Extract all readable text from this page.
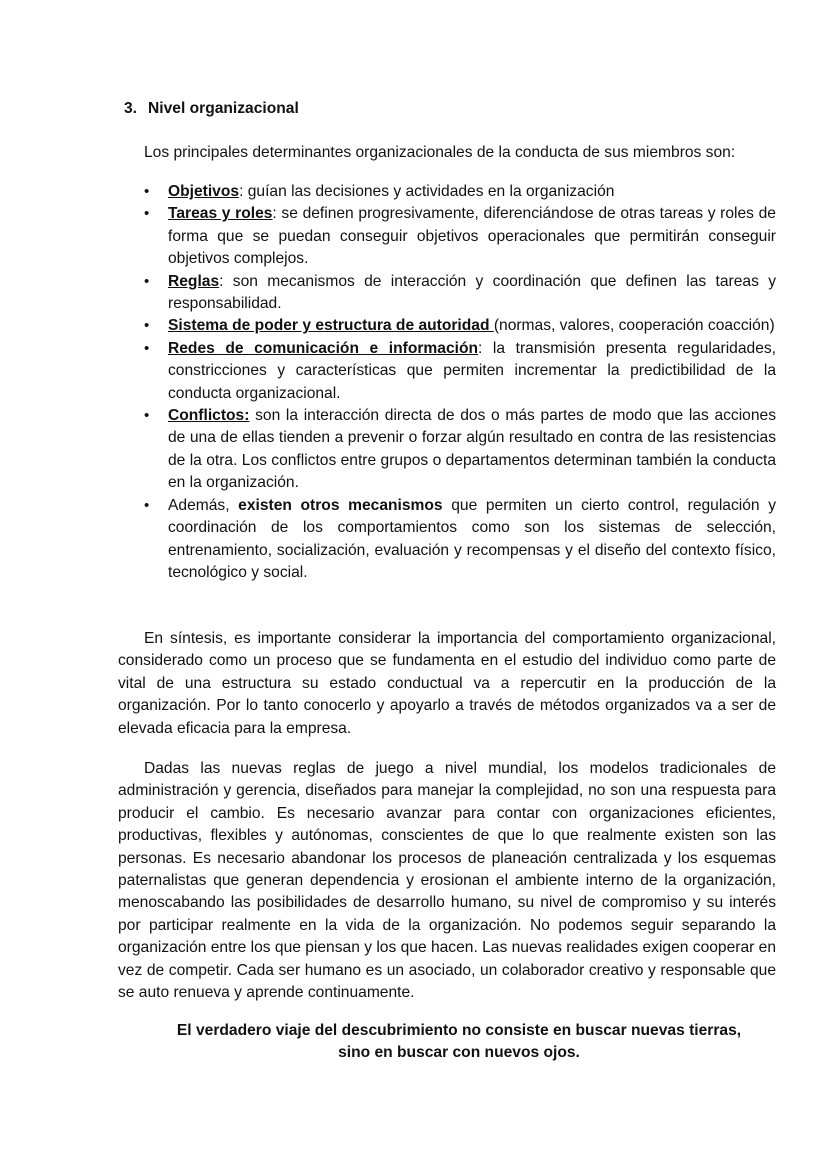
3. Nivel organizacional
Los principales determinantes organizacionales de la conducta de sus miembros son:
• Objetivos: guían las decisiones y actividades en la organización
• Tareas y roles: se definen progresivamente, diferenciándose de otras tareas y roles de forma que se puedan conseguir objetivos operacionales que permitirán conseguir objetivos complejos.
• Reglas: son mecanismos de interacción y coordinación que definen las tareas y responsabilidad.
• Sistema de poder y estructura de autoridad (normas, valores, cooperación coacción)
• Redes de comunicación e información: la transmisión presenta regularidades, constricciones y características que permiten incrementar la predictibilidad de la conducta organizacional.
• Conflictos: son la interacción directa de dos o más partes de modo que las acciones de una de ellas tienden a prevenir o forzar algún resultado en contra de las resistencias de la otra. Los conflictos entre grupos o departamentos determinan también la conducta en la organización.
• Además, existen otros mecanismos que permiten un cierto control, regulación y coordinación de los comportamientos como son los sistemas de selección, entrenamiento, socialización, evaluación y recompensas y el diseño del contexto físico, tecnológico y social.

En síntesis, es importante considerar la importancia del comportamiento organizacional, considerado como un proceso que se fundamenta en el estudio del individuo como parte de vital de una estructura su estado conductual va a repercutir en la producción de la organización. Por lo tanto conocerlo y apoyarlo a través de métodos organizados va a ser de elevada eficacia para la empresa.

Dadas las nuevas reglas de juego a nivel mundial, los modelos tradicionales de administración y gerencia, diseñados para manejar la complejidad, no son una respuesta para producir el cambio. Es necesario avanzar para contar con organizaciones eficientes, productivas, flexibles y autónomas, conscientes de que lo que realmente existen son las personas. Es necesario abandonar los procesos de planeación centralizada y los esquemas paternalistas que generan dependencia y erosionan el ambiente interno de la organización, menoscabando las posibilidades de desarrollo humano, su nivel de compromiso y su interés por participar realmente en la vida de la organización. No podemos seguir separando la organización entre los que piensan y los que hacen. Las nuevas realidades exigen cooperar en vez de competir. Cada ser humano es un asociado, un colaborador creativo y responsable que se auto renueva y aprende continuamente.

El verdadero viaje del descubrimiento no consiste en buscar nuevas tierras,
sino en buscar con nuevos ojos.
